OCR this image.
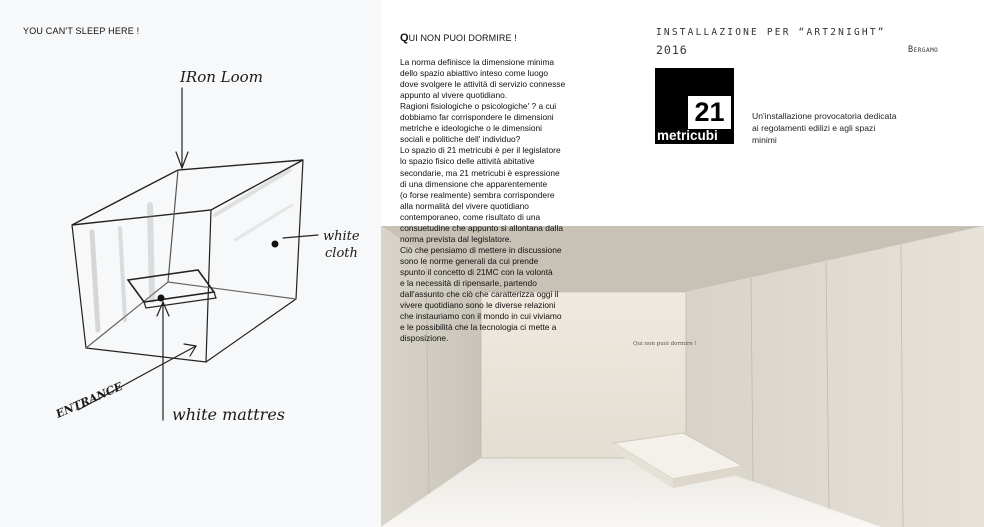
YOU CAN'T SLEEP HERE !
IRon Loom
white
cloth
ENTRANCE	white mattres
Qui non puoi dormire !
QUI NON PUOI DORMIRE !

La norma definisce la dimensione minima
dello spazio abiattivo inteso come luogo
dove svolgere le attività di servizio connesse
appunto al vivere quotidiano.
Ragioni fisiologiche o psicologiche' ? a cui
dobbiamo far corrispondere le dimensioni
metriche e ideologiche o le dimensioni
sociali e politiche dell' individuo?
Lo spazio di 21 metricubi è per il legislatore
lo spazio fisico delle attività abitative
secondarie, ma 21 metricubi è espressione
di una dimensione che apparentemente
(o forse realmente) sembra corrispondere
alla normalità del vivere quotidiano
contemporaneo, come risultato di una
consuetudine che appunto si allontana dalla
norma prevista dal legislatore.
Ciò che pensiamo di mettere in discussione
sono le norme generali da cui prende
spunto il concetto di 21MC con la volontà
e la necessità di ripensarle, partendo
dall'assunto che ciò che caratterizza oggi il
vivere quotidiano sono le diverse relazioni
che instauriamo con il mondo in cui viviamo
e le possibilità che la tecnologia ci mette a
disposizione.

INSTALLAZIONE PER “ART2NIGHT”
2016	Bergamo
21
metricubi
Un'installazione provocatoria dedicata ai regolamenti edilizi e agli spazi minimi
